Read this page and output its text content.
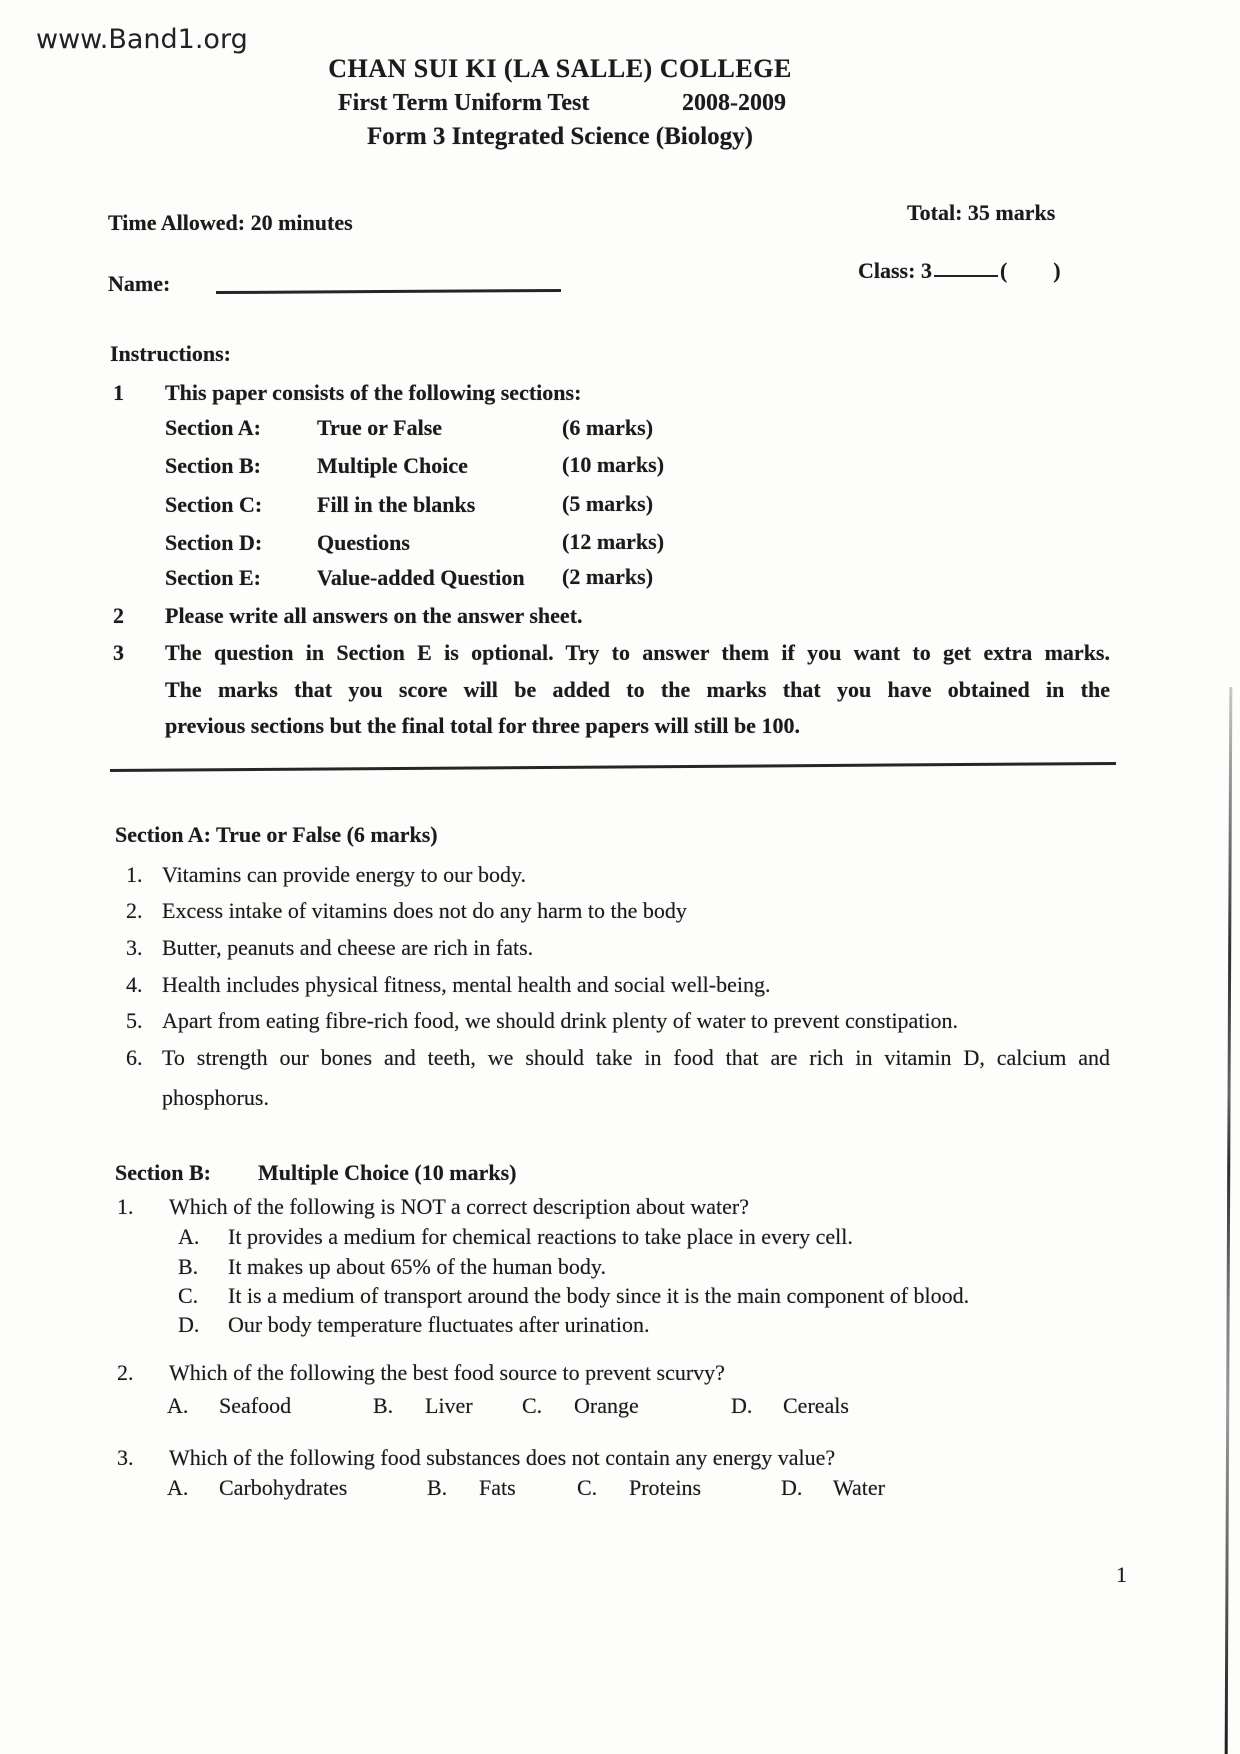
www.Band1.org
CHAN SUI KI (LA SALLE) COLLEGE
First Term Uniform Test	2008-2009
Form 3 Integrated Science (Biology)
Time Allowed: 20 minutes	Total: 35 marks
Name:
Class: 3	( )
Instructions:
1 This paper consists of the following sections:
Section A:	True or False	(6 marks)
Section B:	Multiple Choice	(10 marks)
Section C: Fill in the blanks	(5 marks)
Section D: Questions	(12 marks)
Section E:	Value-added Question (2 marks)
2 Please write all answers on the answer sheet.
3 The question in Section E is optional. Try to answer them if you want to get extra marks.
The marks that you score will be added to the marks that you have obtained in the
previous sections but the final total for three papers will still be 100.
Section A: True or False (6 marks)
1. Vitamins can provide energy to our body.
2. Excess intake of vitamins does not do any harm to the body
3. Butter, peanuts and cheese are rich in fats.
4. Health includes physical fitness, mental health and social well-being.
5. Apart from eating fibre-rich food, we should drink plenty of water to prevent constipation.
6. To strength our bones and teeth, we should take in food that are rich in vitamin D, calcium and
phosphorus.
Section B: Multiple Choice (10 marks)
1. Which of the following is NOT a correct description about water?
A. It provides a medium for chemical reactions to take place in every cell.
B. It makes up about 65% of the human body.
C. It is a medium of transport around the body since it is the main component of blood.
D. Our body temperature fluctuates after urination.
2. Which of the following the best food source to prevent scurvy?
A. Seafood	B. Liver C. Orange	D. Cereals
3. Which of the following food substances does not contain any energy value?
A. Carbohydrates	B. Fats	C. Proteins	D. Water
1
